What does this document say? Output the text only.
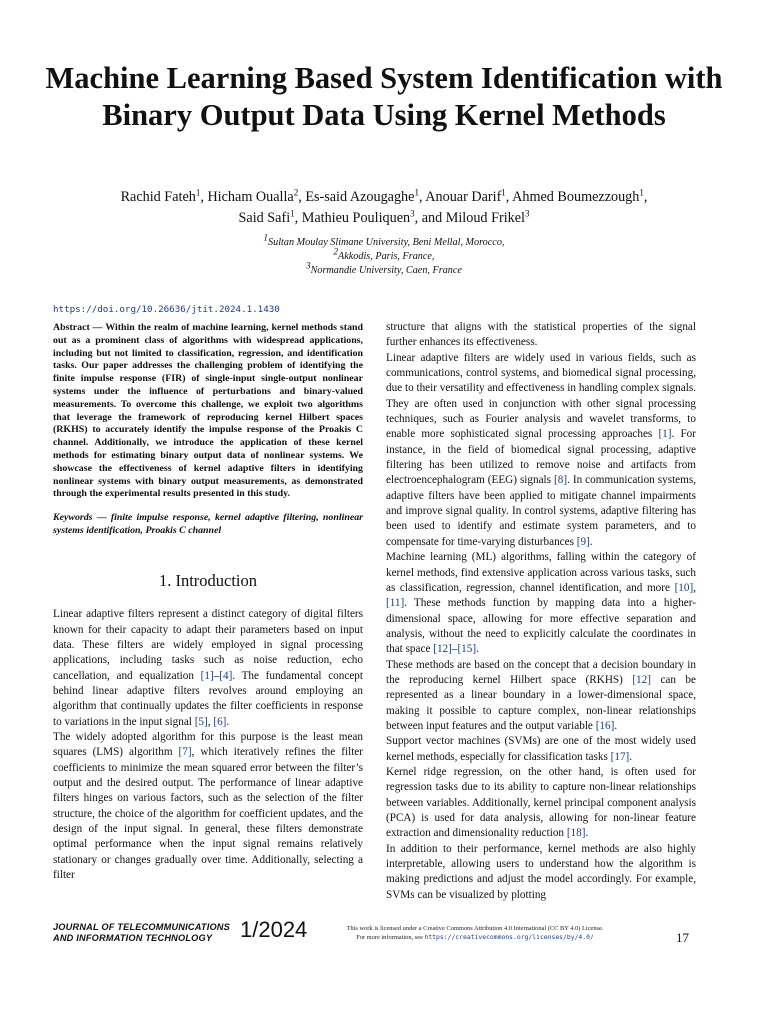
Machine Learning Based System Identification with Binary Output Data Using Kernel Methods
Rachid Fateh$^1$, Hicham Oualla$^2$, Es-said Azougaghe$^1$, Anouar Darif$^1$, Ahmed Boumezzough$^1$,
Said Safi$^1$, Mathieu Pouliquen$^3$, and Miloud Frikel$^3$
$^1$Sultan Moulay Slimane University, Beni Mellal, Morocco,
$^2$Akkodis, Paris, France,
$^3$Normandie University, Caen, France
https://doi.org/10.26636/jtit.2024.1.1430

Abstract — Within the realm of machine learning, kernel methods stand out as a prominent class of algorithms with widespread applications, including but not limited to classification, regression, and identification tasks. Our paper addresses the challenging problem of identifying the finite impulse response (FIR) of single-input single-output nonlinear systems under the influence of perturbations and binary-valued measurements. To overcome this challenge, we exploit two algorithms that leverage the framework of reproducing kernel Hilbert spaces (RKHS) to accurately identify the impulse response of the Proakis C channel. Additionally, we introduce the application of these kernel methods for estimating binary output data of nonlinear systems. We showcase the effectiveness of kernel adaptive filters in identifying nonlinear systems with binary output measurements, as demonstrated through the experimental results presented in this study.

Keywords — finite impulse response, kernel adaptive filtering, nonlinear systems identification, Proakis C channel

1. Introduction

Linear adaptive filters represent a distinct category of digital filters known for their capacity to adapt their parameters based on input data. These filters are widely employed in signal processing applications, including tasks such as noise reduction, echo cancellation, and equalization [1]–[4]. The fundamental concept behind linear adaptive filters revolves around employing an algorithm that continually updates the filter coefficients in response to variations in the input signal [5], [6].

The widely adopted algorithm for this purpose is the least mean squares (LMS) algorithm [7], which iteratively refines the filter coefficients to minimize the mean squared error between the filter’s output and the desired output. The performance of linear adaptive filters hinges on various factors, such as the selection of the filter structure, the choice of the algorithm for coefficient updates, and the design of the input signal. In general, these filters demonstrate optimal performance when the input signal remains relatively stationary or changes gradually over time. Additionally, selecting a filter

structure that aligns with the statistical properties of the signal further enhances its effectiveness.

Linear adaptive filters are widely used in various fields, such as communications, control systems, and biomedical signal processing, due to their versatility and effectiveness in handling complex signals. They are often used in conjunction with other signal processing techniques, such as Fourier analysis and wavelet transforms, to enable more sophisticated signal processing approaches [1]. For instance, in the field of biomedical signal processing, adaptive filtering has been utilized to remove noise and artifacts from electroencephalogram (EEG) signals [8]. In communication systems, adaptive filters have been applied to mitigate channel impairments and improve signal quality. In control systems, adaptive filtering has been used to identify and estimate system parameters, and to compensate for time-varying disturbances [9].

Machine learning (ML) algorithms, falling within the category of kernel methods, find extensive application across various tasks, such as classification, regression, channel identification, and more [10], [11]. These methods function by mapping data into a higher-dimensional space, allowing for more effective separation and analysis, without the need to explicitly calculate the coordinates in that space [12]–[15].

These methods are based on the concept that a decision boundary in the reproducing kernel Hilbert space (RKHS) [12] can be represented as a linear boundary in a lower-dimensional space, making it possible to capture complex, non-linear relationships between input features and the output variable [16].

Support vector machines (SVMs) are one of the most widely used kernel methods, especially for classification tasks [17].

Kernel ridge regression, on the other hand, is often used for regression tasks due to its ability to capture non-linear relationships between variables. Additionally, kernel principal component analysis (PCA) is used for data analysis, allowing for non-linear feature extraction and dimensionality reduction [18].

In addition to their performance, kernel methods are also highly interpretable, allowing users to understand how the algorithm is making predictions and adjust the model accordingly. For example, SVMs can be visualized by plotting

JOURNAL OF TELECOMMUNICATIONS
AND INFORMATION TECHNOLOGY	1/2024	This work is licensed under a Creative Commons Attribution 4.0 International (CC BY 4.0) License.
For more information, see https://creativecommons.org/licenses/by/4.0/	17
